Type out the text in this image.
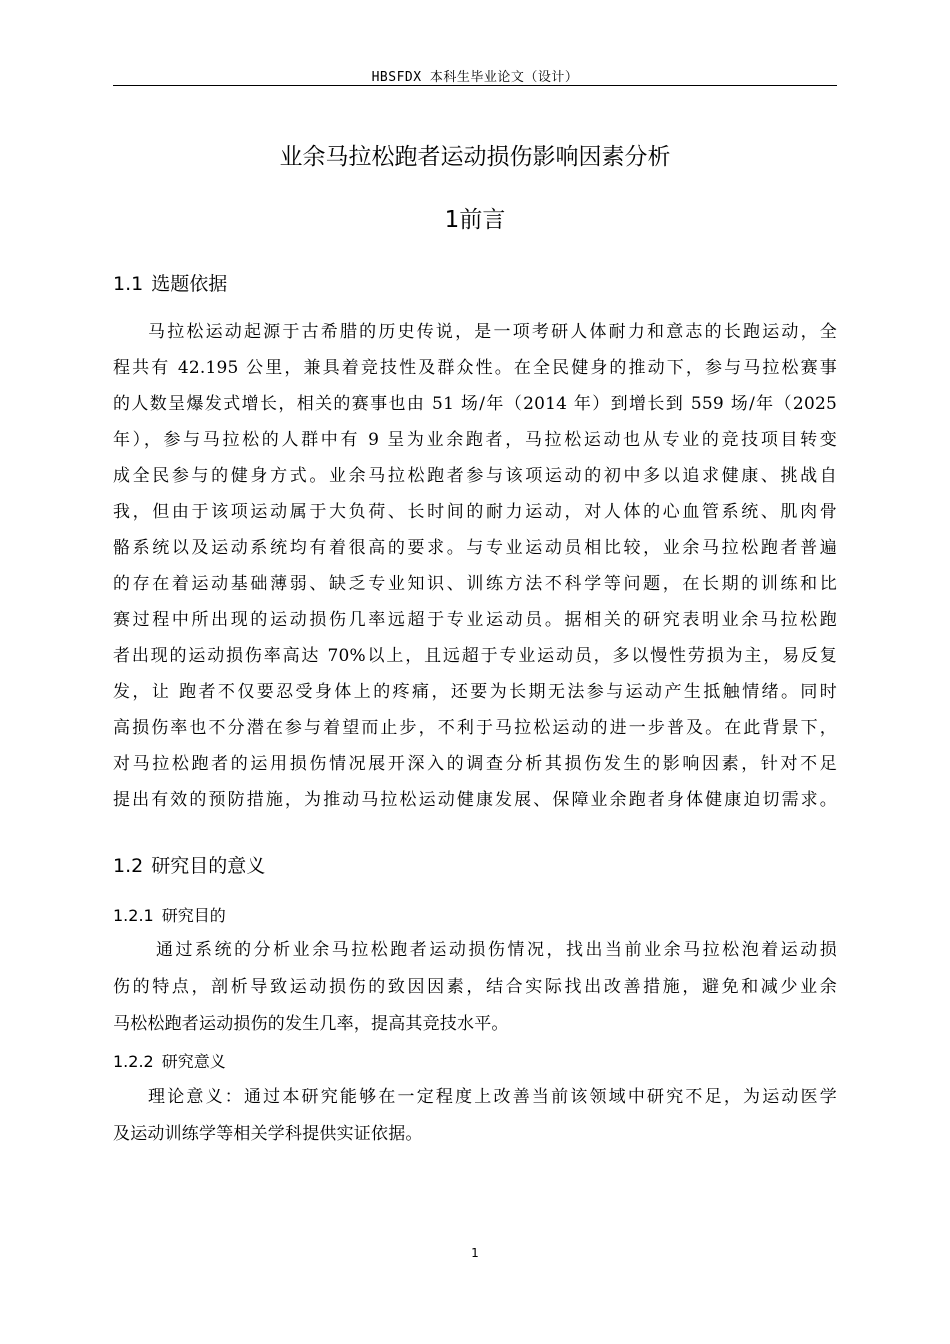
HBSFDX 本科生毕业论文（设计）
业余马拉松跑者运动损伤影响因素分析
1前言
1.1 选题依据
马拉松运动起源于古希腊的历史传说，是一项考研人体耐力和意志的长跑运动，全
程共有 42.195 公里，兼具着竞技性及群众性。在全民健身的推动下，参与马拉松赛事
的人数呈爆发式增长，相关的赛事也由 51 场/年（2014 年）到增长到 559 场/年（2025
年），参与马拉松的人群中有 9 呈为业余跑者，马拉松运动也从专业的竞技项目转变
成全民参与的健身方式。业余马拉松跑者参与该项运动的初中多以追求健康、挑战自
我，但由于该项运动属于大负荷、长时间的耐力运动，对人体的心血管系统、肌肉骨
骼系统以及运动系统均有着很高的要求。与专业运动员相比较，业余马拉松跑者普遍
的存在着运动基础薄弱、缺乏专业知识、训练方法不科学等问题，在长期的训练和比
赛过程中所出现的运动损伤几率远超于专业运动员。据相关的研究表明业余马拉松跑
者出现的运动损伤率高达 70%以上，且远超于专业运动员，多以慢性劳损为主，易反复
发，让 跑者不仅要忍受身体上的疼痛，还要为长期无法参与运动产生抵触情绪。同时
高损伤率也不分潜在参与着望而止步，不利于马拉松运动的进一步普及。在此背景下，
对马拉松跑者的运用损伤情况展开深入的调查分析其损伤发生的影响因素，针对不足
提出有效的预防措施，为推动马拉松运动健康发展、保障业余跑者身体健康迫切需求。
1.2 研究目的意义
1.2.1 研究目的
通过系统的分析业余马拉松跑者运动损伤情况，找出当前业余马拉松泡着运动损
伤的特点，剖析导致运动损伤的致因因素，结合实际找出改善措施，避免和减少业余
马松松跑者运动损伤的发生几率，提高其竞技水平。
1.2.2 研究意义
理论意义：通过本研究能够在一定程度上改善当前该领域中研究不足，为运动医学
及运动训练学等相关学科提供实证依据。
1
